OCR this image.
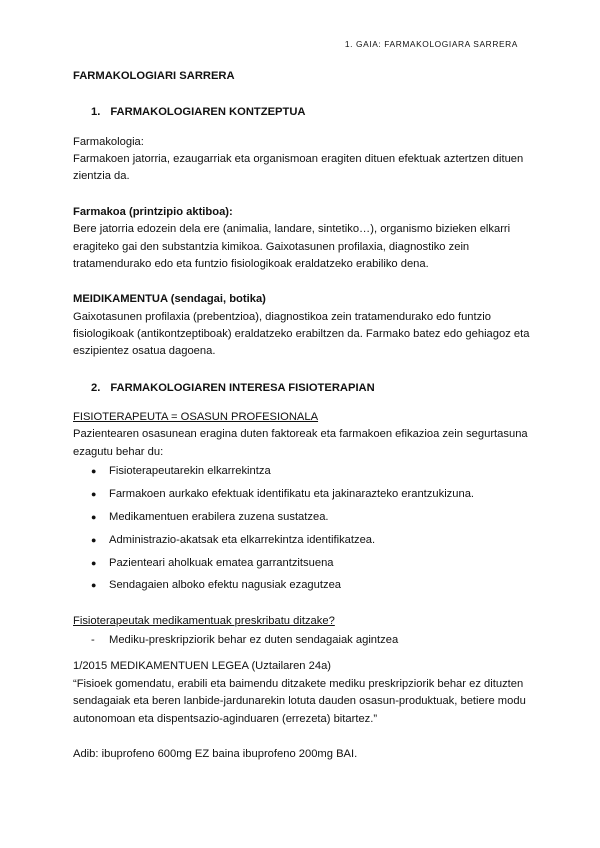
1. GAIA: FARMAKOLOGIARA SARRERA

FARMAKOLOGIARI SARRERA

1. FARMAKOLOGIAREN KONTZEPTUA

Farmakologia:

Farmakoen jatorria, ezaugarriak eta organismoan eragiten dituen efektuak aztertzen dituen zientzia da.

Farmakoa (printzipio aktiboa):

Bere jatorria edozein dela ere (animalia, landare, sintetiko…), organismo bizieken elkarri eragiteko gai den substantzia kimikoa. Gaixotasunen profilaxia, diagnostiko zein tratamendurako edo eta funtzio fisiologikoak eraldatzeko erabiliko dena.

MEIDIKAMENTUA (sendagai, botika)

Gaixotasunen profilaxia (prebentzioa), diagnostikoa zein tratamendurako edo funtzio fisiologikoak (antikontzeptiboak) eraldatzeko erabiltzen da. Farmako batez edo gehiagoz eta eszipientez osatua dagoena.

2. FARMAKOLOGIAREN INTERESA FISIOTERAPIAN

FISIOTERAPEUTA = OSASUN PROFESIONALA

Pazientearen osasunean eragina duten faktoreak eta farmakoen efikazioa zein segurtasuna ezagutu behar du:

●	Fisioterapeutarekin elkarrekintza
●	Farmakoen aurkako efektuak identifikatu eta jakinarazteko erantzukizuna.
●	Medikamentuen erabilera zuzena sustatzea.
●	Administrazio-akatsak eta elkarrekintza identifikatzea.
●	Pazienteari aholkuak ematea garrantzitsuena
●	Sendagaien alboko efektu nagusiak ezagutzea

Fisioterapeutak medikamentuak preskribatu ditzake?

-	Mediku-preskripziorik behar ez duten sendagaiak agintzea

1/2015 MEDIKAMENTUEN LEGEA (Uztailaren 24a)

“Fisioek gomendatu, erabili eta baimendu ditzakete mediku preskripziorik behar ez dituzten sendagaiak eta beren lanbide-jardunarekin lotuta dauden osasun-produktuak, betiere modu autonomoan eta dispentsazio-aginduaren (errezeta) bitartez.”

Adib: ibuprofeno 600mg EZ baina ibuprofeno 200mg BAI.
